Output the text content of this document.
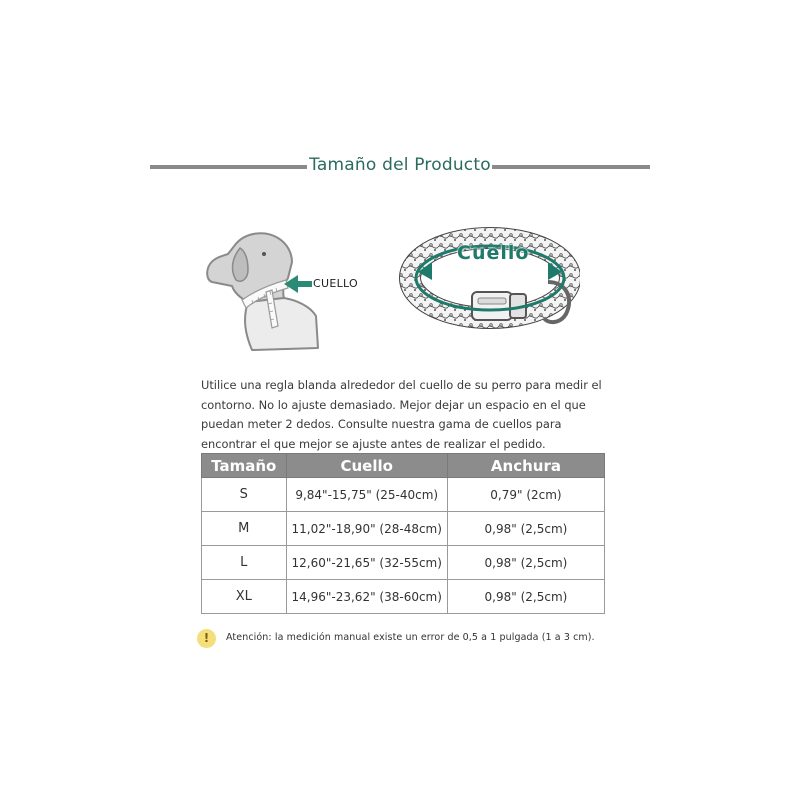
Tamaño del Producto
CUELLO
Cuello

Utilice una regla blanda alrededor del cuello de su perro para medir el contorno. No lo ajuste demasiado. Mejor dejar un espacio en el que puedan meter 2 dedos. Consulte nuestra gama de cuellos para encontrar el que mejor se ajuste antes de realizar el pedido.

Tamaño	Cuello	Anchura
S	9,84"-15,75" (25-40cm)	0,79" (2cm)
M	11,02"-18,90" (28-48cm)	0,98" (2,5cm)
L	12,60"-21,65" (32-55cm)	0,98" (2,5cm)
XL	14,96"-23,62" (38-60cm)	0,98" (2,5cm)
!	Atención: la medición manual existe un error de 0,5 a 1 pulgada (1 a 3 cm).
